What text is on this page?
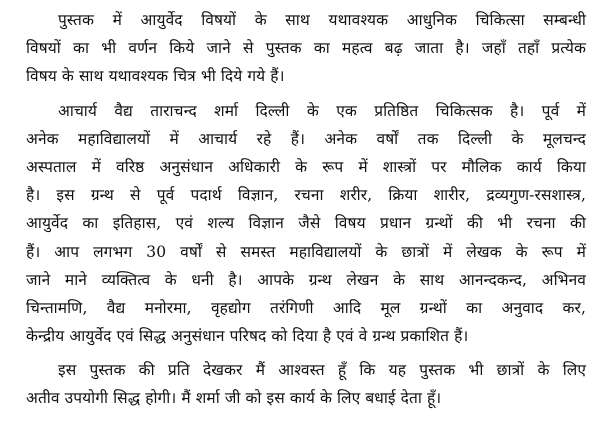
पुस्तक में आयुर्वेद विषयों के साथ यथावश्यक आधुनिक चिकित्सा सम्बन्धी
विषयों का भी वर्णन किये जाने से पुस्तक का महत्व बढ़ जाता है। जहाँ तहाँ प्रत्येक
विषय के साथ यथावश्यक चित्र भी दिये गये हैं।
आचार्य वैद्य ताराचन्द शर्मा दिल्ली के एक प्रतिष्ठित चिकित्सक है। पूर्व में
अनेक महाविद्यालयों में आचार्य रहे हैं। अनेक वर्षों तक दिल्ली के मूलचन्द
अस्पताल में वरिष्ठ अनुसंधान अधिकारी के रूप में शास्त्रों पर मौलिक कार्य किया
है। इस ग्रन्थ से पूर्व पदार्थ विज्ञान, रचना शरीर, क्रिया शारीर, द्रव्यगुण-रसशास्त्र,
आयुर्वेद का इतिहास, एवं शल्य विज्ञान जैसे विषय प्रधान ग्रन्थों की भी रचना की
हैं। आप लगभग 30 वर्षों से समस्त महाविद्यालयों के छात्रों में लेखक के रूप में
जाने माने व्यक्तित्व के धनी है। आपके ग्रन्थ लेखन के साथ आनन्दकन्द, अभिनव
चिन्तामणि, वैद्य मनोरमा, वृहद्योग तरंगिणी आदि मूल ग्रन्थों का अनुवाद कर,
केन्द्रीय आयुर्वेद एवं सिद्ध अनुसंधान परिषद को दिया है एवं वे ग्रन्थ प्रकाशित हैं।
इस पुस्तक की प्रति देखकर मैं आश्वस्त हूँ कि यह पुस्तक भी छात्रों के लिए
अतीव उपयोगी सिद्ध होगी। मैं शर्मा जी को इस कार्य के लिए बधाई देता हूँ।
